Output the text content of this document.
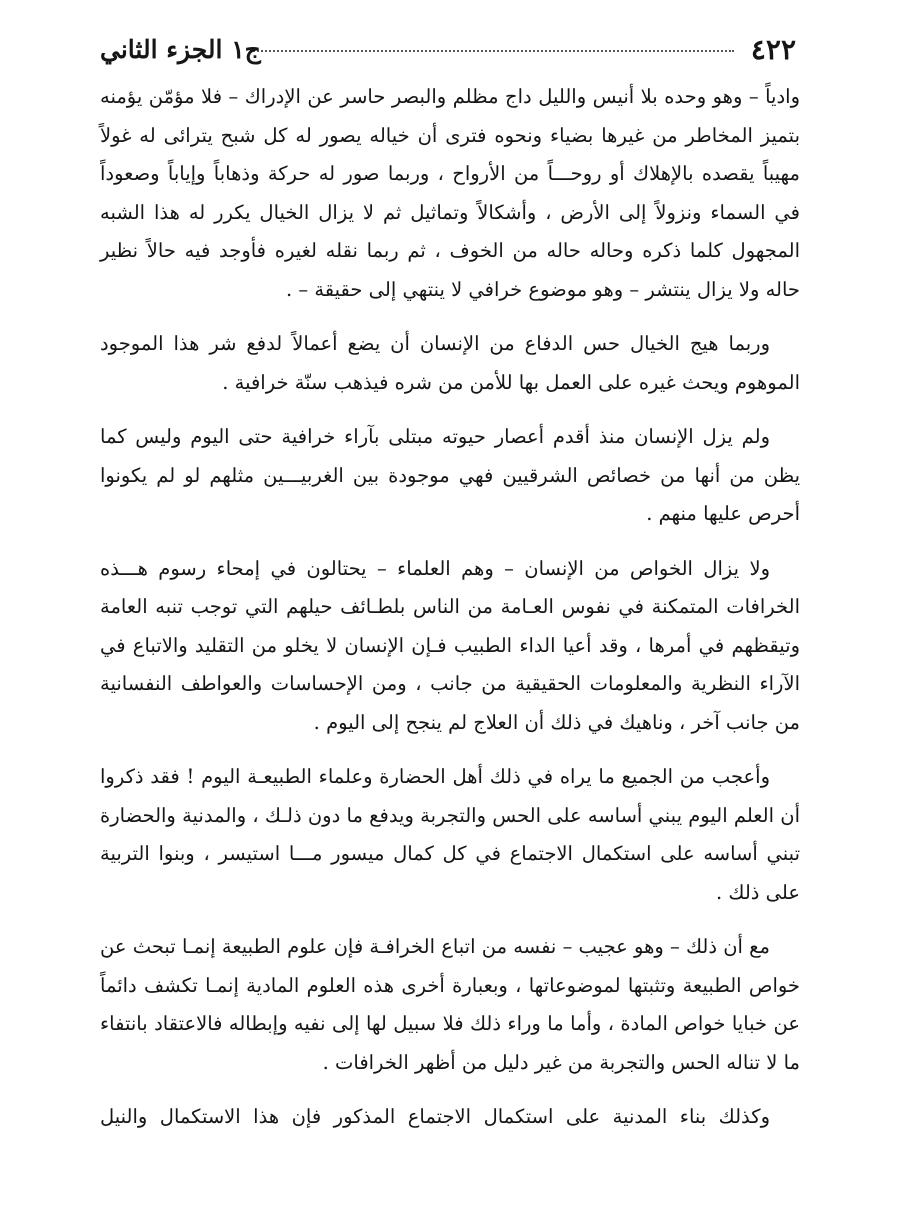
٤٢٢
ج١ الجزء الثاني

وادياً – وهو وحده بلا أنيس والليل داج مظلم والبصر حاسر عن الإدراك – فلا مؤمّن يؤمنه بتميز المخاطر من غيرها بضياء ونحوه فترى أن خياله يصور له كل شبح يترائى له غولاً مهيباً يقصده بالإهلاك أو روحـــاً من الأرواح ، وربما صور له حركة وذهاباً وإياباً وصعوداً في السماء ونزولاً إلى الأرض ، وأشكالاً وتماثيل ثم لا يزال الخيال يكرر له هذا الشبه المجهول كلما ذكره وحاله حاله من الخوف ، ثم ربما نقله لغيره فأوجد فيه حالاً نظير حاله ولا يزال ينتشر – وهو موضوع خرافي لا ينتهي إلى حقيقة – .

وربما هيج الخيال حس الدفاع من الإنسان أن يضع أعمالاً لدفع شر هذا الموجود الموهوم ويحث غيره على العمل بها للأمن من شره فيذهب سنّة خرافية .

ولم يزل الإنسان منذ أقدم أعصار حيوته مبتلى بآراء خرافية حتى اليوم وليس كما يظن من أنها من خصائص الشرقيين فهي موجودة بين الغربيـــين مثلهم لو لم يكونوا أحرص عليها منهم .

ولا يزال الخواص من الإنسان – وهم العلماء – يحتالون في إمحاء رسوم هـــذه الخرافات المتمكنة في نفوس العـامة من الناس بلطـائف حيلهم التي توجب تنبه العامة وتيقظهم في أمرها ، وقد أعيا الداء الطبيب فـإن الإنسان لا يخلو من التقليد والاتباع في الآراء النظرية والمعلومات الحقيقية من جانب ، ومن الإحساسات والعواطف النفسانية من جانب آخر ، وناهيك في ذلك أن العلاج لم ينجح إلى اليوم .

وأعجب من الجميع ما يراه في ذلك أهل الحضارة وعلماء الطبيعـة اليوم ! فقد ذكروا أن العلم اليوم يبني أساسه على الحس والتجربة ويدفع ما دون ذلـك ، والمدنية والحضارة تبني أساسه على استكمال الاجتماع في كل كمال ميسور مـــا استيسر ، وبنوا التربية على ذلك .

مع أن ذلك – وهو عجيب – نفسه من اتباع الخرافـة فإن علوم الطبيعة إنمـا تبحث عن خواص الطبيعة وتثبتها لموضوعاتها ، وبعبارة أخرى هذه العلوم المادية إنمـا تكشف دائماً عن خبايا خواص المادة ، وأما ما وراء ذلك فلا سبيل لها إلى نفيه وإبطاله فالاعتقاد بانتفاء ما لا تناله الحس والتجربة من غير دليل من أظهر الخرافات .

وكذلك بناء المدنية على استكمال الاجتماع المذكور فإن هذا الاستكمال والنيل
